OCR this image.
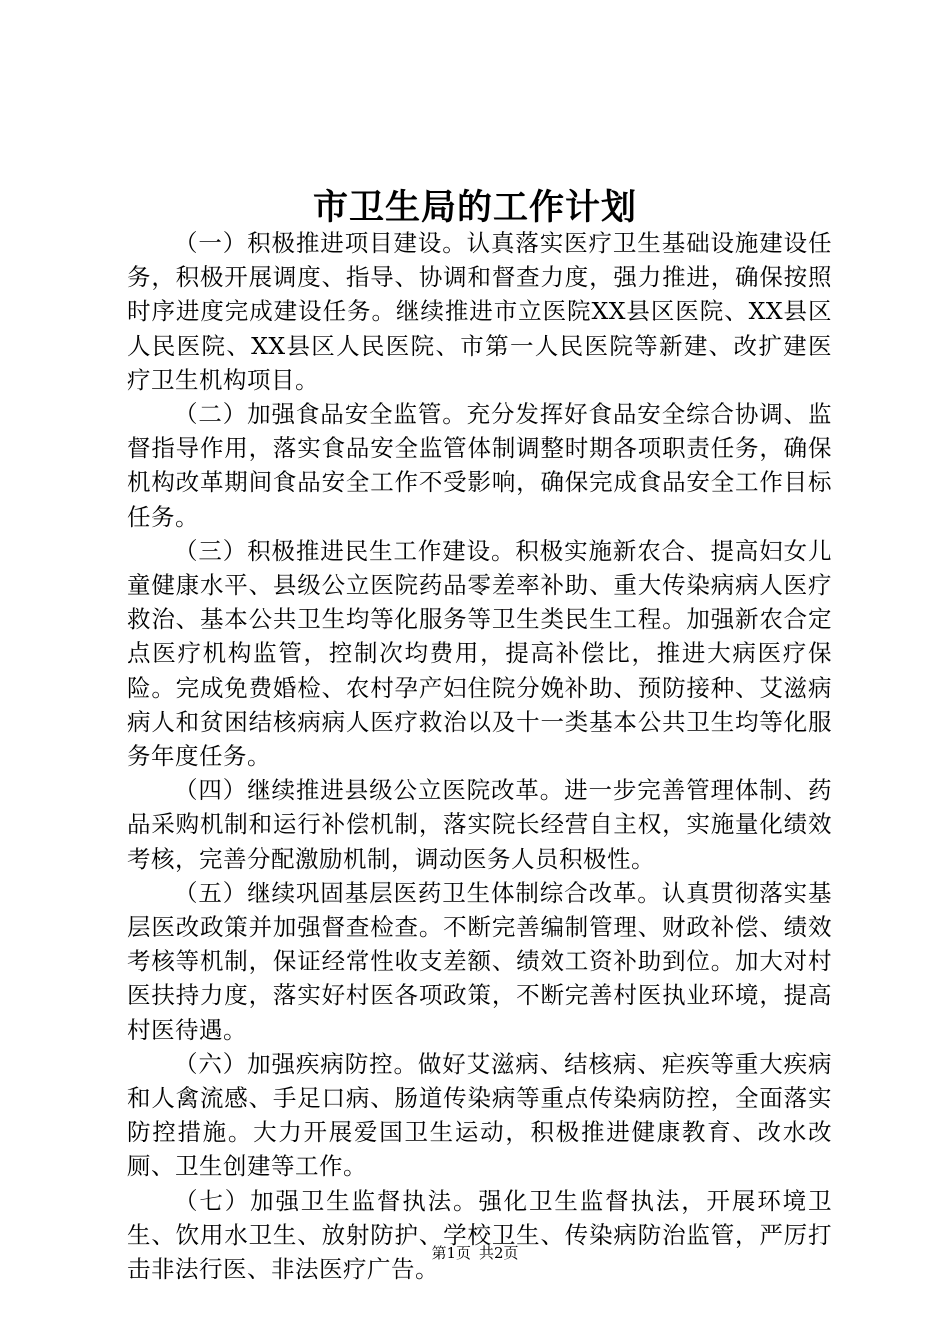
市卫生局的工作计划

（一）积极推进项目建设。认真落实医疗卫生基础设施建设任务，积极开展调度、指导、协调和督查力度，强力推进，确保按照时序进度完成建设任务。继续推进市立医院XX县区医院、XX县区人民医院、XX县区人民医院、市第一人民医院等新建、改扩建医疗卫生机构项目。

（二）加强食品安全监管。充分发挥好食品安全综合协调、监督指导作用，落实食品安全监管体制调整时期各项职责任务，确保机构改革期间食品安全工作不受影响，确保完成食品安全工作目标任务。

（三）积极推进民生工作建设。积极实施新农合、提高妇女儿童健康水平、县级公立医院药品零差率补助、重大传染病病人医疗救治、基本公共卫生均等化服务等卫生类民生工程。加强新农合定点医疗机构监管，控制次均费用，提高补偿比，推进大病医疗保险。完成免费婚检、农村孕产妇住院分娩补助、预防接种、艾滋病病人和贫困结核病病人医疗救治以及十一类基本公共卫生均等化服务年度任务。

（四）继续推进县级公立医院改革。进一步完善管理体制、药品采购机制和运行补偿机制，落实院长经营自主权，实施量化绩效考核，完善分配激励机制，调动医务人员积极性。

（五）继续巩固基层医药卫生体制综合改革。认真贯彻落实基层医改政策并加强督查检查。不断完善编制管理、财政补偿、绩效考核等机制，保证经常性收支差额、绩效工资补助到位。加大对村医扶持力度，落实好村医各项政策，不断完善村医执业环境，提高村医待遇。

（六）加强疾病防控。做好艾滋病、结核病、疟疾等重大疾病和人禽流感、手足口病、肠道传染病等重点传染病防控，全面落实防控措施。大力开展爱国卫生运动，积极推进健康教育、改水改厕、卫生创建等工作。

（七）加强卫生监督执法。强化卫生监督执法，开展环境卫生、饮用水卫生、放射防护、学校卫生、传染病防治监管，严厉打击非法行医、非法医疗广告。

第1页 共2页
